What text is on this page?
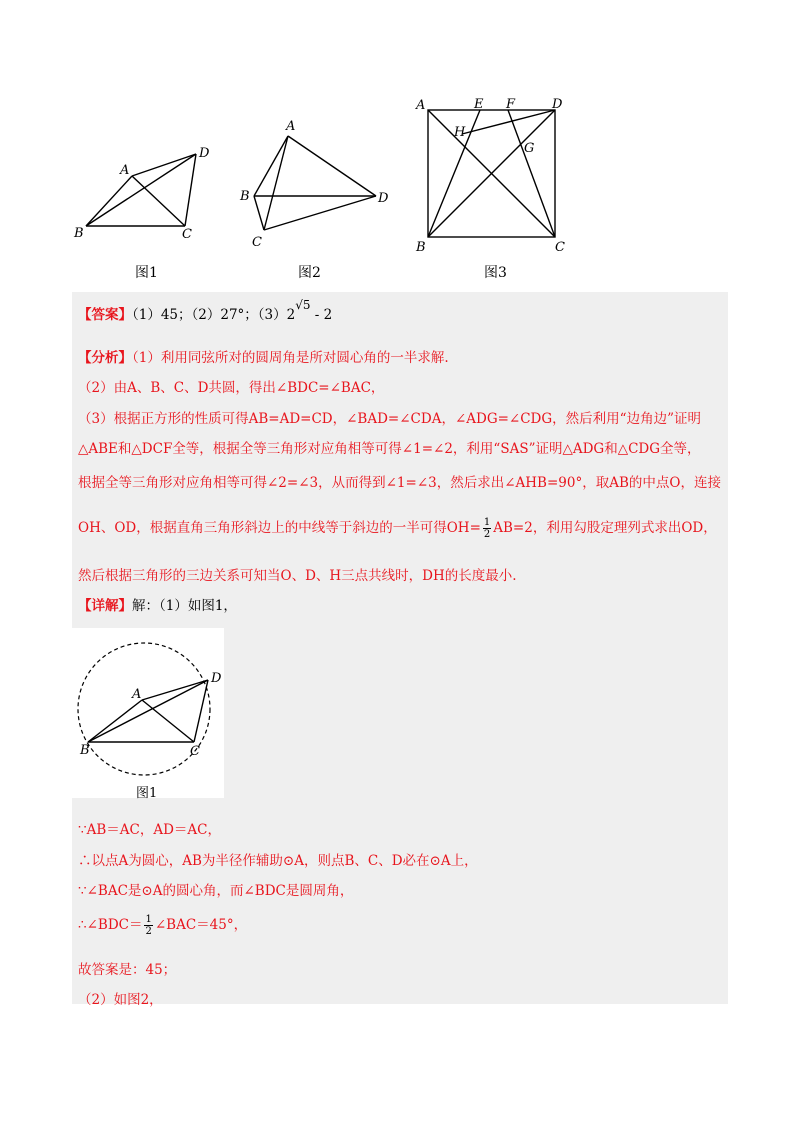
A
B	C
D
图1
A
B
C
D
图2
A	E F	D
H
G
B	C
图3
【答案】（1）45；（2）27°；（3）2√5 - 2
【分析】（1）利用同弦所对的圆周角是所对圆心角的一半求解.
（2）由A、B、C、D共圆，得出∠BDC=∠BAC，
（3）根据正方形的性质可得AB=AD=CD，∠BAD=∠CDA，∠ADG=∠CDG，然后利用“边角边”证明
△ABE和△DCF全等，根据全等三角形对应角相等可得∠1=∠2，利用“SAS”证明△ADG和△CDG全等，
根据全等三角形对应角相等可得∠2=∠3，从而得到∠1=∠3，然后求出∠AHB=90°，取AB的中点O，连接
OH、OD，根据直角三角形斜边上的中线等于斜边的一半可得$OH= \frac{1}{2} AB=2$，利用勾股定理列式求出OD，
然后根据三角形的三边关系可知当O、D、H三点共线时，DH的长度最小.
【详解】解：（1）如图1，
A
B	C
D
图1
∵AB＝AC，AD＝AC，
∴以点A为圆心，AB为半径作辅助⊙A，则点B、C、D必在⊙A上，
∵∠BAC是⊙A的圆心角，而∠BDC是圆周角，
∴∠BDC＝ $\frac{1}{2}$ ∠BAC＝45°，
故答案是：45；
（2）如图2，
